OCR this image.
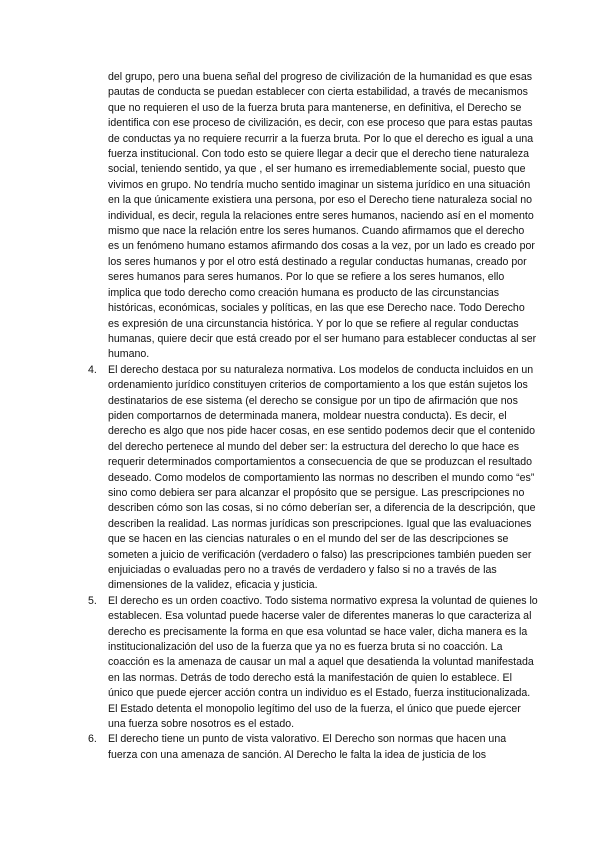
del grupo, pero una buena señal del progreso de civilización de la humanidad es que esas pautas de conducta se puedan establecer con cierta estabilidad, a través de mecanismos que no requieren el uso de la fuerza bruta para mantenerse, en definitiva, el Derecho se identifica con ese proceso de civilización, es decir, con ese proceso que para estas pautas de conductas ya no requiere recurrir a la fuerza bruta. Por lo que el derecho es igual a una fuerza institucional. Con todo esto se quiere llegar a decir que el derecho tiene naturaleza social, teniendo sentido, ya que , el ser humano es irremediablemente social, puesto que vivimos en grupo. No tendría mucho sentido imaginar un sistema jurídico en una situación en la que únicamente existiera una persona, por eso el Derecho tiene naturaleza social no individual, es decir, regula la relaciones entre seres humanos, naciendo así en el momento mismo que nace la relación entre los seres humanos. Cuando afirmamos que el derecho es un fenómeno humano estamos afirmando dos cosas a la vez, por un lado es creado por los seres humanos y por el otro está destinado a regular conductas humanas, creado por seres humanos para seres humanos. Por lo que se refiere a los seres humanos, ello implica que todo derecho como creación humana es producto de las circunstancias históricas, económicas, sociales y políticas, en las que ese Derecho nace. Todo Derecho es expresión de una circunstancia histórica. Y por lo que se refiere al regular conductas humanas, quiere decir que está creado por el ser humano para establecer conductas al ser humano.

4. El derecho destaca por su naturaleza normativa. Los modelos de conducta incluidos en un ordenamiento jurídico constituyen criterios de comportamiento a los que están sujetos los destinatarios de ese sistema (el derecho se consigue por un tipo de afirmación que nos piden comportarnos de determinada manera, moldear nuestra conducta). Es decir, el derecho es algo que nos pide hacer cosas, en ese sentido podemos decir que el contenido del derecho pertenece al mundo del deber ser: la estructura del derecho lo que hace es requerir determinados comportamientos a consecuencia de que se produzcan el resultado deseado. Como modelos de comportamiento las normas no describen el mundo como “es” sino como debiera ser para alcanzar el propósito que se persigue. Las prescripciones no describen cómo son las cosas, si no cómo deberían ser, a diferencia de la descripción, que describen la realidad. Las normas jurídicas son prescripciones. Igual que las evaluaciones que se hacen en las ciencias naturales o en el mundo del ser de las descripciones se someten a juicio de verificación (verdadero o falso) las prescripciones también pueden ser enjuiciadas o evaluadas pero no a través de verdadero y falso si no a través de las dimensiones de la validez, eficacia y justicia.
5. El derecho es un orden coactivo. Todo sistema normativo expresa la voluntad de quienes lo establecen. Esa voluntad puede hacerse valer de diferentes maneras lo que caracteriza al derecho es precisamente la forma en que esa voluntad se hace valer, dicha manera es la institucionalización del uso de la fuerza que ya no es fuerza bruta si no coacción. La coacción es la amenaza de causar un mal a aquel que desatienda la voluntad manifestada en las normas. Detrás de todo derecho está la manifestación de quien lo establece. El único que puede ejercer acción contra un individuo es el Estado, fuerza institucionalizada. El Estado detenta el monopolio legítimo del uso de la fuerza, el único que puede ejercer una fuerza sobre nosotros es el estado.
6. El derecho tiene un punto de vista valorativo. El Derecho son normas que hacen una fuerza con una amenaza de sanción. Al Derecho le falta la idea de justicia de los
